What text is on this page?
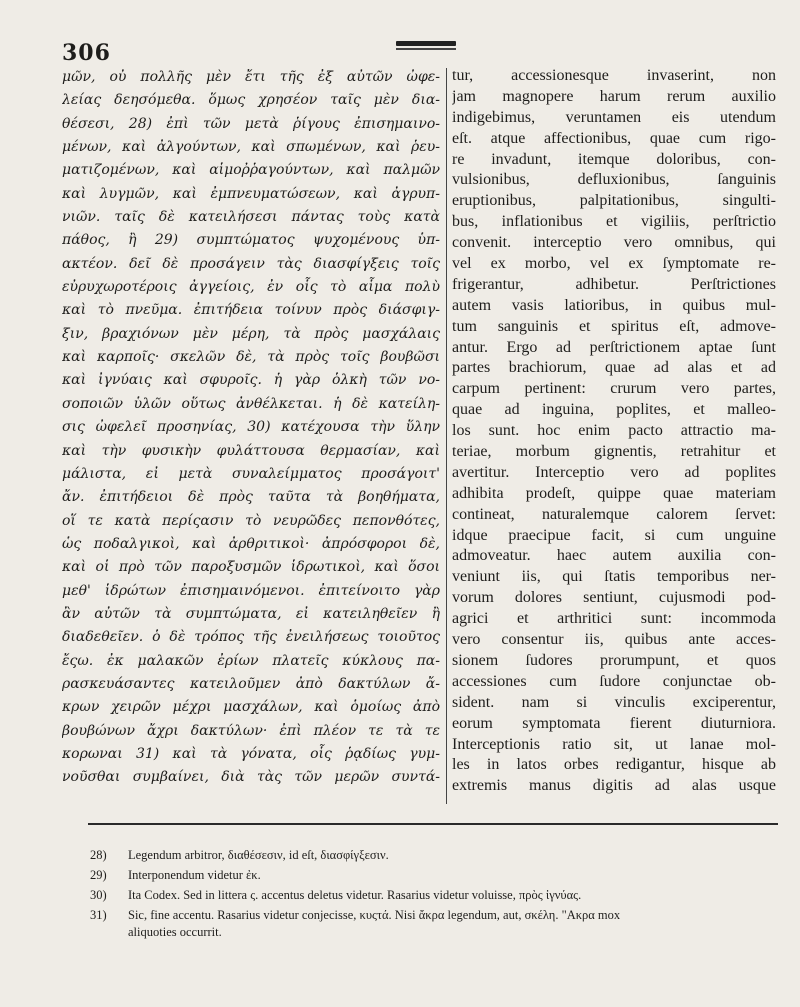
306
μῶν, οὐ πολλῆς μὲν ἔτι τῆς ἐξ αὐτῶν ὠφε-
λείας δεησόμεθα. ὅμως χρησέον ταῖς μὲν δια-
θέσεσι, 28) ἐπὶ τῶν μετὰ ῥίγους ἐπισημαινο-
μένων, καὶ ἀλγούντων, καὶ σπωμένων, καὶ ῥευ-
ματιζομένων, καὶ αἱμοῤῥαγούντων, καὶ παλμῶν
καὶ λυγμῶν, καὶ ἐμπνευματώσεων, καὶ ἀγρυπ-
νιῶν. ταῖς δὲ κατειλήσεσι πάντας τοὺς κατὰ
πάθος, ἢ 29) συμπτώματος ψυχομένους ὑπ-
ακτέον. δεῖ δὲ προσάγειν τὰς διασφίγξεις τοῖς
εὐρυχωροτέροις ἀγγείοις, ἐν οἷς τὸ αἷμα πολὺ
καὶ τὸ πνεῦμα. ἐπιτήδεια τοίνυν πρὸς διάσφιγ-
ξιν, βραχιόνων μὲν μέρη, τὰ πρὸς μασχάλαις
καὶ καρποῖς· σκελῶν δὲ, τὰ πρὸς τοῖς βουβῶσι
καὶ ἰγνύαις καὶ σφυροῖς. ἡ γὰρ ὁλκὴ τῶν νο-
σοποιῶν ὑλῶν οὕτως ἀνθέλκεται. ἡ δὲ κατείλη-
σις ὠφελεῖ προσηνίας, 30) κατέχουσα τὴν ὕλην
καὶ τὴν φυσικὴν φυλάττουσα θερμασίαν, καὶ
μάλιστα, εἰ μετὰ συναλείμματος προσάγοιτ'
ἄν. ἐπιτήδειοι δὲ πρὸς ταῦτα τὰ βοηθήματα,
οἵ τε κατὰ περίςασιν τὸ νευρῶδες πεπονθότες,
ὡς ποδαλγικοὶ, καὶ ἀρθριτικοὶ· ἀπρόσφοροι δὲ,
καὶ οἱ πρὸ τῶν παροξυσμῶν ἱδρωτικοὶ, καὶ ὅσοι
μεθ' ἱδρώτων ἐπισημαινόμενοι. ἐπιτείνοιτο γὰρ
ἂν αὐτῶν τὰ συμπτώματα, εἰ κατειληθεῖεν ἢ
διαδεθεῖεν. ὁ δὲ τρόπος τῆς ἐνειλήσεως τοιοῦτος
ἔςω. ἐκ μαλακῶν ἐρίων πλατεῖς κύκλους πα-
ρασκευάσαντες κατειλοῦμεν ἀπὸ δακτύλων ἄ-
κρων χειρῶν μέχρι μασχάλων, καὶ ὁμοίως ἀπὸ
βουβώνων ἄχρι δακτύλων· ἐπὶ πλέον τε τὰ τε
κορωναι 31) καὶ τὰ γόνατα, οἷς ῥᾳδίως γυμ-
νοῦσθαι συμβαίνει, διὰ τὰς τῶν μερῶν συντά-
tur, accessionesque invaserint, non
jam magnopere harum rerum auxilio
indigebimus, veruntamen eis utendum
eſt. atque affectionibus, quae cum rigo-
re invadunt, itemque doloribus, con-
vulsionibus, defluxionibus, ſanguinis
eruptionibus, palpitationibus, singulti-
bus, inflationibus et vigiliis, perſtrictio
convenit. interceptio vero omnibus, qui
vel ex morbo, vel ex ſymptomate re-
frigerantur, adhibetur. Perſtrictiones
autem vasis latioribus, in quibus mul-
tum sanguinis et spiritus eſt, admove-
antur. Ergo ad perſtrictionem aptae ſunt
partes brachiorum, quae ad alas et ad
carpum pertinent: crurum vero partes,
quae ad inguina, poplites, et malleo-
los sunt. hoc enim pacto attractio ma-
teriae, morbum gignentis, retrahitur et
avertitur. Interceptio vero ad poplites
adhibita prodeſt, quippe quae materiam
contineat, naturalemque calorem ſervet:
idque praecipue facit, si cum unguine
admoveatur. haec autem auxilia con-
veniunt iis, qui ſtatis temporibus ner-
vorum dolores sentiunt, cujusmodi pod-
agrici et arthritici sunt: incommoda
vero consentur iis, quibus ante acces-
sionem ſudores prorumpunt, et quos
accessiones cum ſudore conjunctae ob-
sident. nam si vinculis exciperentur,
eorum symptomata fierent diuturniora.
Interceptionis ratio sit, ut lanae mol-
les in latos orbes redigantur, hisque ab
extremis manus digitis ad alas usque
28) Legendum arbitror, διαθέσεσιν, id eſt, διασφίγξεσιν.
29) Interponendum videtur ἐκ.
30) Ita Codex. Sed in littera ς. accentus deletus videtur. Rasarius videtur voluisse, πρὸς ἰγνύας.
31) Sic, fine accentu. Rasarius videtur conjecisse, κυςτά. Nisi ἄκρα legendum, aut, σκέλη. "Ακρα mox
aliquoties occurrit.
